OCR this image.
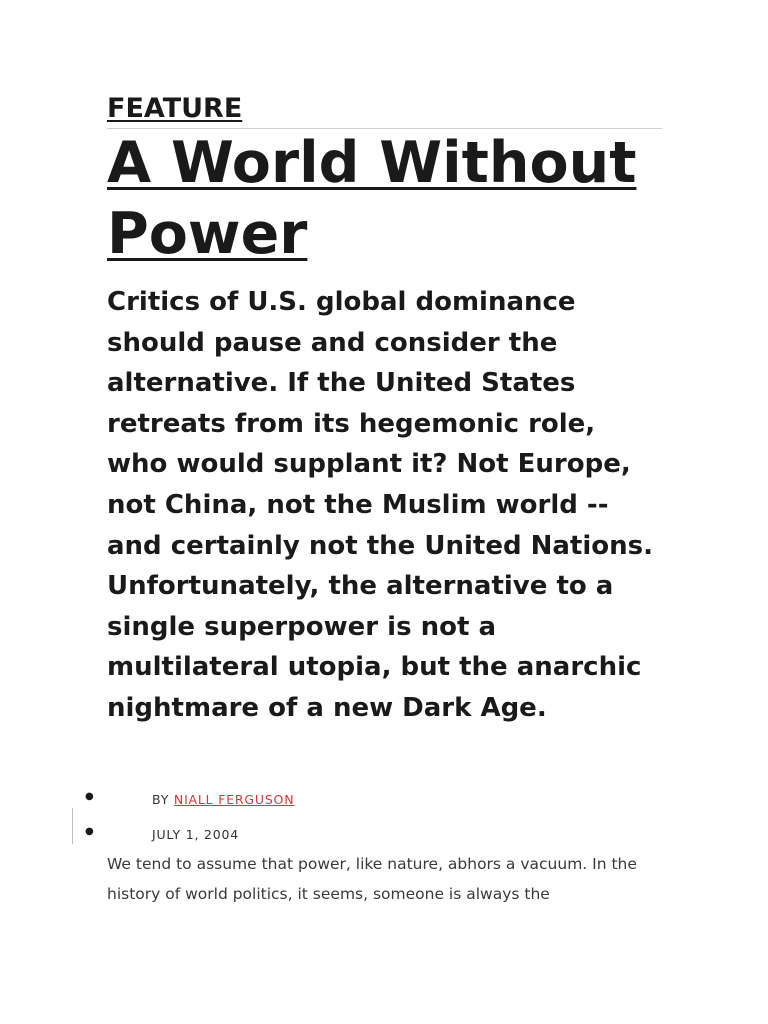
FEATURE
A World Without Power

Critics of U.S. global dominance should pause and consider the alternative. If the United States retreats from its hegemonic role, who would supplant it? Not Europe, not China, not the Muslim world -- and certainly not the United Nations. Unfortunately, the alternative to a single superpower is not a multilateral utopia, but the anarchic nightmare of a new Dark Age.

●	BY NIALL FERGUSON
●	JULY 1, 2004

We tend to assume that power, like nature, abhors a vacuum. In the history of world politics, it seems, someone is always the
